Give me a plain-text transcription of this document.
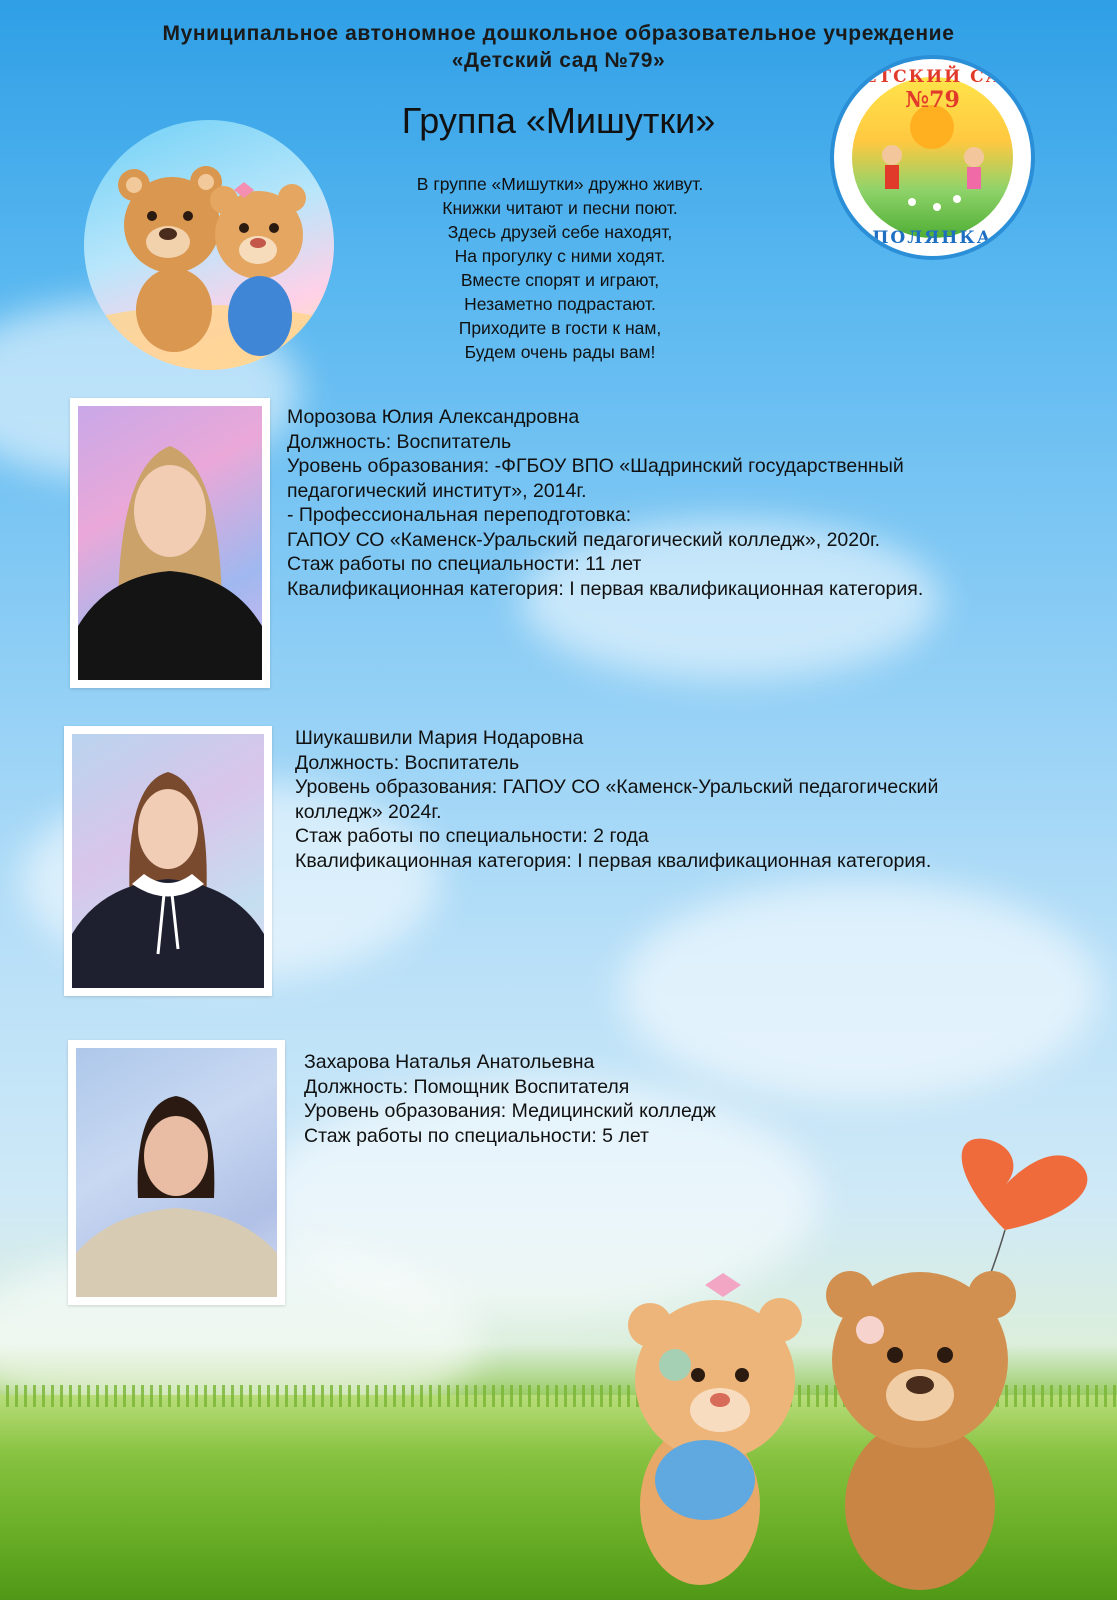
Муниципальное автономное дошкольное образовательное учреждение
«Детский сад №79»
Группа «Мишутки»
В группе «Мишутки» дружно живут.
Книжки читают и песни поют.
Здесь друзей себе находят,
На прогулку с ними ходят.
Вместе спорят и играют,
Незаметно подрастают.
Приходите в гости к нам,
Будем очень рады вам!
ДЕТСКИЙ САД
№79
ПОЛЯНКА
Морозова Юлия Александровна
Должность: Воспитатель
Уровень образования: -ФГБОУ ВПО «Шадринский государственный
педагогический институт», 2014г.
- Профессиональная переподготовка:
ГАПОУ СО «Каменск-Уральский педагогический колледж», 2020г.
Стаж работы по специальности: 11 лет
Квалификационная категория: I первая квалификационная категория.
Шиукашвили Мария Нодаровна
Должность: Воспитатель
Уровень образования: ГАПОУ СО «Каменск-Уральский педагогический
колледж» 2024г.
Стаж работы по специальности: 2 года
Квалификационная категория: I первая квалификационная категория.
Захарова Наталья Анатольевна
Должность: Помощник Воспитателя
Уровень образования: Медицинский колледж
Стаж работы по специальности: 5 лет
